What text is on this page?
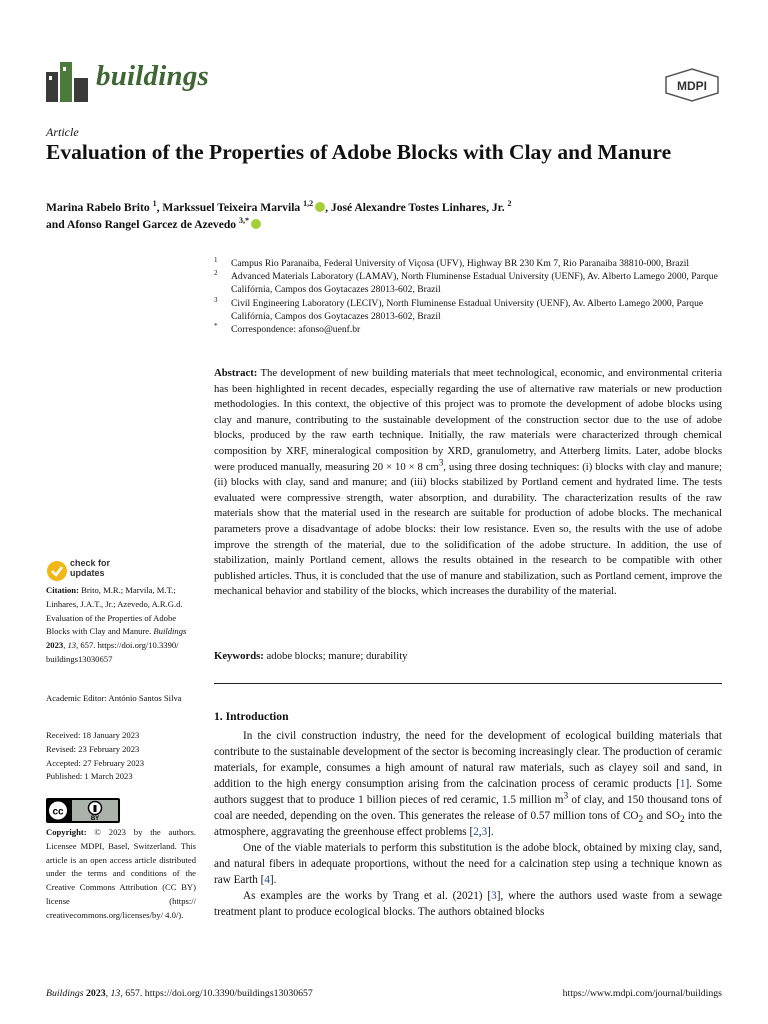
buildings	MDPI
Article
Evaluation of the Properties of Adobe Blocks with Clay and Manure
Marina Rabelo Brito $^1$, Markssuel Teixeira Marvila $^{1,2}$ , José Alexandre Tostes Linhares, Jr. $^2$
and Afonso Rangel Garcez de Azevedo $^{3,*}$
1 Campus Rio Paranaiba, Federal University of Viçosa (UFV), Highway BR 230 Km 7, Rio Paranaiba 38810-000, Brazil
2 Advanced Materials Laboratory (LAMAV), North Fluminense Estadual University (UENF), Av. Alberto Lamego 2000, Parque Califórnia, Campos dos Goytacazes 28013-602, Brazil
3 Civil Engineering Laboratory (LECIV), North Fluminense Estadual University (UENF), Av. Alberto Lamego 2000, Parque Califórnia, Campos dos Goytacazes 28013-602, Brazil
* Correspondence: afonso@uenf.br
Abstract: The development of new building materials that meet technological, economic, and environmental criteria has been highlighted in recent decades, especially regarding the use of alternative raw materials or new production methodologies. In this context, the objective of this project was to promote the development of adobe blocks using clay and manure, contributing to the sustainable development of the construction sector due to the use of adobe blocks, produced by the raw earth technique. Initially, the raw materials were characterized through chemical composition by XRF, mineralogical composition by XRD, granulometry, and Atterberg limits. Later, adobe blocks were produced manually, measuring 20 × 10 × 8 $cm^3$, using three dosing techniques: (i) blocks with clay and manure; (ii) blocks with clay, sand and manure; and (iii) blocks stabilized by Portland cement and hydrated lime. The tests evaluated were compressive strength, water absorption, and durability. The characterization results of the raw materials show that the material used in the research are suitable for production of adobe blocks. The mechanical parameters prove a disadvantage of adobe blocks: their low resistance. Even so, the results with the use of adobe improve the strength of the material, due to the solidification of the adobe structure. In addition, the use of stabilization, mainly Portland cement, allows the results obtained in the research to be compatible with other published articles. Thus, it is concluded that the use of manure and stabilization, such as Portland cement, improve the mechanical behavior and stability of the blocks, which increases the durability of the material.
Keywords: adobe blocks; manure; durability
1. Introduction

In the civil construction industry, the need for the development of ecological building materials that contribute to the sustainable development of the sector is becoming increasingly clear. The production of ceramic materials, for example, consumes a high amount of natural raw materials, such as clayey soil and sand, in addition to the high energy consumption arising from the calcination process of ceramic products [1]. Some authors suggest that to produce 1 billion pieces of red ceramic, 1.5 million $m^3$ of clay, and 150 thousand tons of coal are needed, depending on the oven. This generates the release of 0.57 million tons of $CO_2$ and $SO_2$ into the atmosphere, aggravating the greenhouse effect problems [2,3].

One of the viable materials to perform this substitution is the adobe block, obtained by mixing clay, sand, and natural fibers in adequate proportions, without the need for a calcination step using a technique known as raw Earth [4].

As examples are the works by Trang et al. (2021) [3], where the authors used waste from a sewage treatment plant to produce ecological blocks. The authors obtained blocks

check for
updates
Citation: Brito, M.R.; Marvila, M.T.; Linhares, J.A.T., Jr.; Azevedo, A.R.G.d. Evaluation of the Properties of Adobe Blocks with Clay and Manure. Buildings 2023, 13, 657. https://doi.org/10.3390/ buildings13030657
Academic Editor: António Santos Silva
Received: 18 January 2023
Revised: 23 February 2023
Accepted: 27 February 2023
Published: 1 March 2023
cc
BY
Copyright: © 2023 by the authors. Licensee MDPI, Basel, Switzerland. This article is an open access article distributed under the terms and conditions of the Creative Commons Attribution (CC BY) license (https:// creativecommons.org/licenses/by/ 4.0/).
Buildings 2023, 13, 657. https://doi.org/10.3390/buildings13030657	https://www.mdpi.com/journal/buildings
